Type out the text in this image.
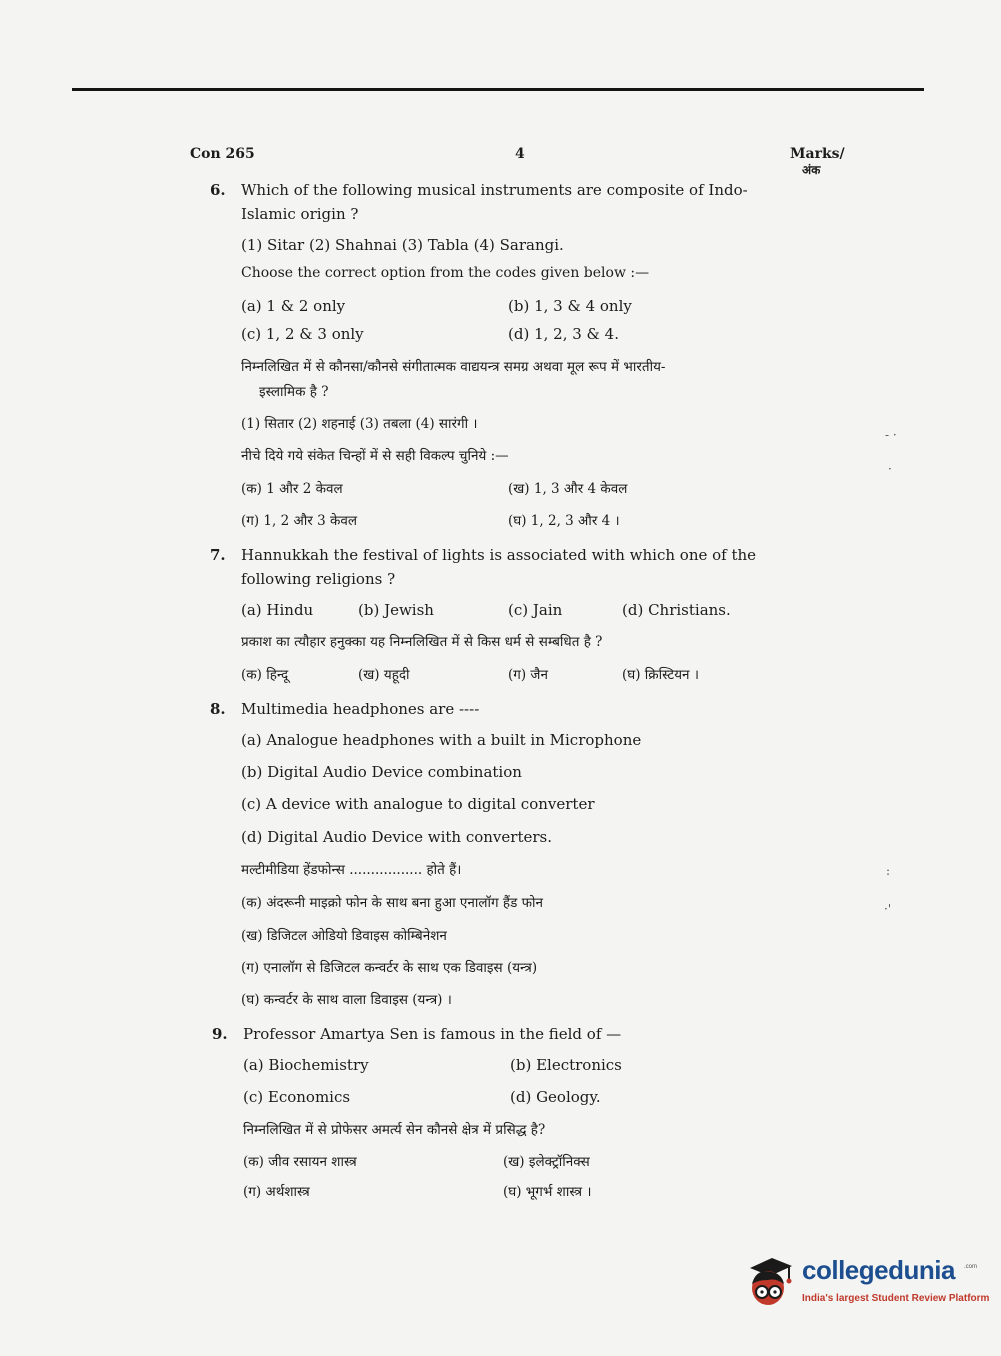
Con 265	4	Marks/
अंक
6. Which of the following musical instruments are composite of Indo-Islamic origin ?
(1) Sitar (2) Shahnai (3) Tabla (4) Sarangi.
Choose the correct option from the codes given below :—
(a) 1 & 2 only	(b) 1, 3 & 4 only
(c) 1, 2 & 3 only	(d) 1, 2, 3 & 4.
निम्नलिखित में से कौनसा/कौनसे संगीतात्मक वाद्ययन्त्र समग्र अथवा मूल रूप में भारतीय-
इस्लामिक है ?
(1) सितार (2) शहनाई (3) तबला (4) सारंगी ।
नीचे दिये गये संकेत चिन्हों में से सही विकल्प चुनिये :—
(क) 1 और 2 केवल	(ख) 1, 3 और 4 केवल
(ग) 1, 2 और 3 केवल	(घ) 1, 2, 3 और 4 ।
7. Hannukkah the festival of lights is associated with which one of the following religions ?
(a) Hindu	(b) Jewish	(c) Jain	(d) Christians.
प्रकाश का त्यौहार हनुक्का यह निम्नलिखित में से किस धर्म से सम्बधित है ?
(क) हिन्दू	(ख) यहूदी	(ग) जैन	(घ) क्रिस्टियन ।
8. Multimedia headphones are ----
(a) Analogue headphones with a built in Microphone
(b) Digital Audio Device combination
(c) A device with analogue to digital converter
(d) Digital Audio Device with converters.
मल्टीमीडिया हेंडफोन्स ................. होते हैं।
(क) अंदरूनी माइक्रो फोन के साथ बना हुआ एनालॉग हैंड फोन
(ख) डिजिटल ओडियो डिवाइस कोम्बिनेशन
(ग) एनालॉग से डिजिटल कन्वर्टर के साथ एक डिवाइस (यन्त्र)
(घ) कन्वर्टर के साथ वाला डिवाइस (यन्त्र) ।
9. Professor Amartya Sen is famous in the field of —
(a) Biochemistry	(b) Electronics
(c) Economics	(d) Geology.
निम्नलिखित में से प्रोफेसर अमर्त्य सेन कौनसे क्षेत्र में प्रसिद्ध है?
(क) जीव रसायन शास्त्र	(ख) इलेक्ट्रॉनिक्स
(ग) अर्थशास्त्र	(घ) भूगर्भ शास्त्र ।
- ·
·
:
·'
collegedunia .com
India's largest Student Review Platform
